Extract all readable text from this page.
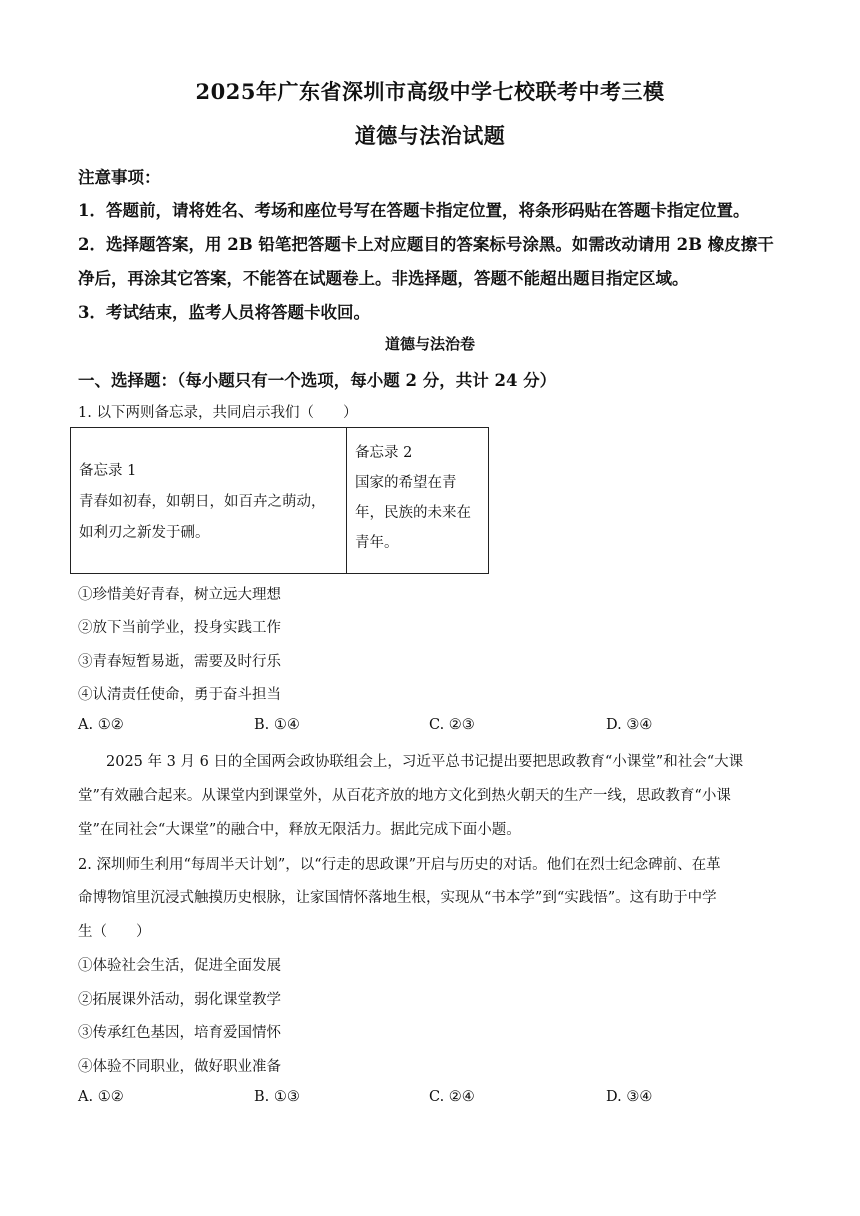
2025年广东省深圳市高级中学七校联考中考三模
道德与法治试题
注意事项：
1．答题前，请将姓名、考场和座位号写在答题卡指定位置，将条形码贴在答题卡指定位置。
2．选择题答案，用 2B 铅笔把答题卡上对应题目的答案标号涂黑。如需改动请用 2B 橡皮擦干
净后，再涂其它答案，不能答在试题卷上。非选择题，答题不能超出题目指定区域。
3．考试结束，监考人员将答题卡收回。
道德与法治卷
一、选择题：（每小题只有一个选项，每小题 2 分，共计 24 分）
1. 以下两则备忘录，共同启示我们（　　）
备忘录 1
青春如初春，如朝日，如百卉之萌动，
如利刃之新发于硎。

备忘录 2
国家的希望在青
年，民族的未来在
青年。
①珍惜美好青春，树立远大理想
②放下当前学业，投身实践工作
③青春短暂易逝，需要及时行乐
④认清责任使命，勇于奋斗担当
A. ①②	B. ①④	C. ②③	D. ③④
2025 年 3 月 6 日的全国两会政协联组会上，习近平总书记提出要把思政教育“小课堂”和社会“大课
堂”有效融合起来。从课堂内到课堂外，从百花齐放的地方文化到热火朝天的生产一线，思政教育“小课
堂”在同社会“大课堂”的融合中，释放无限活力。据此完成下面小题。
2. 深圳师生利用“每周半天计划”，以“行走的思政课”开启与历史的对话。他们在烈士纪念碑前、在革
命博物馆里沉浸式触摸历史根脉，让家国情怀落地生根，实现从“书本学”到“实践悟”。这有助于中学
生（　　）
①体验社会生活，促进全面发展
②拓展课外活动，弱化课堂教学
③传承红色基因，培育爱国情怀
④体验不同职业，做好职业准备
A. ①②	B. ①③	C. ②④	D. ③④
